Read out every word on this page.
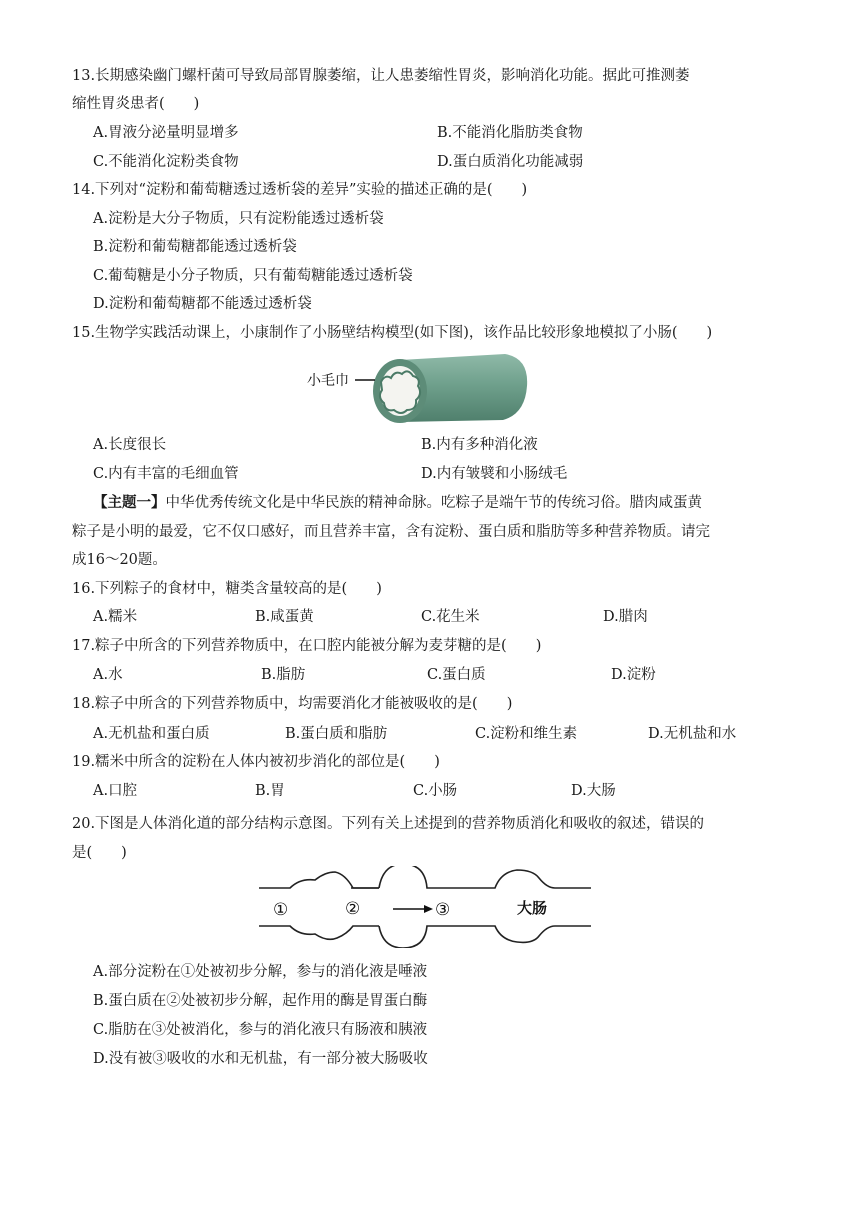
13.长期感染幽门螺杆菌可导致局部胃腺萎缩，让人患萎缩性胃炎，影响消化功能。据此可推测萎
缩性胃炎患者(　　)
A.胃液分泌量明显增多	B.不能消化脂肪类食物
C.不能消化淀粉类食物	D.蛋白质消化功能减弱
14.下列对“淀粉和葡萄糖透过透析袋的差异”实验的描述正确的是(　　)
A.淀粉是大分子物质，只有淀粉能透过透析袋
B.淀粉和葡萄糖都能透过透析袋
C.葡萄糖是小分子物质，只有葡萄糖能透过透析袋
D.淀粉和葡萄糖都不能透过透析袋
15.生物学实践活动课上，小康制作了小肠壁结构模型(如下图)，该作品比较形象地模拟了小肠(　　)
小毛巾
A.长度很长	B.内有多种消化液
C.内有丰富的毛细血管	D.内有皱襞和小肠绒毛
【主题一】中华优秀传统文化是中华民族的精神命脉。吃粽子是端午节的传统习俗。腊肉咸蛋黄
粽子是小明的最爱，它不仅口感好，而且营养丰富，含有淀粉、蛋白质和脂肪等多种营养物质。请完
成16～20题。
16.下列粽子的食材中，糖类含量较高的是(　　)
A.糯米	B.咸蛋黄	C.花生米	D.腊肉
17.粽子中所含的下列营养物质中，在口腔内能被分解为麦芽糖的是(　　)
A.水	B.脂肪	C.蛋白质	D.淀粉
18.粽子中所含的下列营养物质中，均需要消化才能被吸收的是(　　)
A.无机盐和蛋白质	B.蛋白质和脂肪	C.淀粉和维生素	D.无机盐和水
19.糯米中所含的淀粉在人体内被初步消化的部位是(　　)
A.口腔	B.胃	C.小肠	D.大肠
20.下图是人体消化道的部分结构示意图。下列有关上述提到的营养物质消化和吸收的叙述，错误的
是(　　)
①	②	③	大肠
A.部分淀粉在①处被初步分解，参与的消化液是唾液
B.蛋白质在②处被初步分解，起作用的酶是胃蛋白酶
C.脂肪在③处被消化，参与的消化液只有肠液和胰液
D.没有被③吸收的水和无机盐，有一部分被大肠吸收
